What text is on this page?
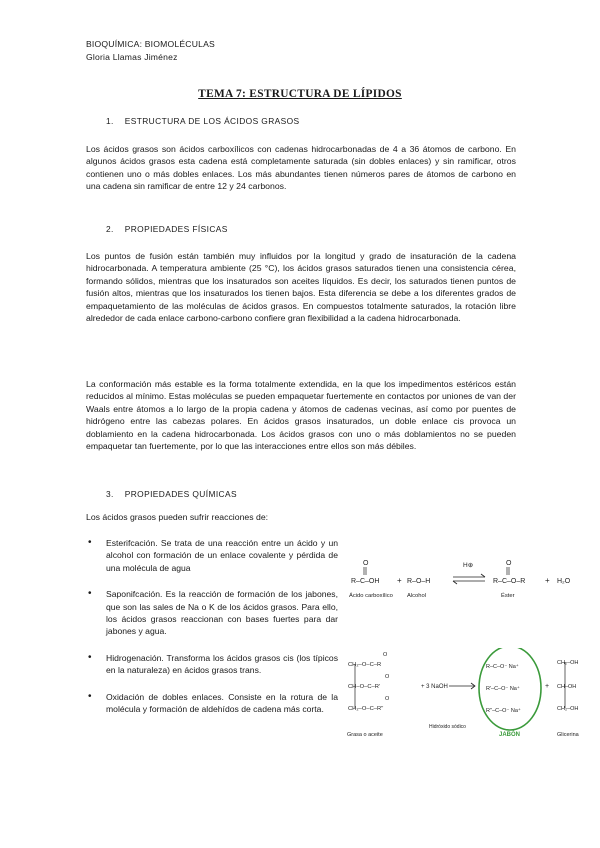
BIOQUÍMICA: BIOMOLÉCULAS
Gloria Llamas Jiménez
TEMA 7: ESTRUCTURA DE LÍPIDOS
1. ESTRUCTURA DE LOS ÁCIDOS GRASOS

Los ácidos grasos son ácidos carboxílicos con cadenas hidrocarbonadas de 4 a 36 átomos de carbono. En algunos ácidos grasos esta cadena está completamente saturada (sin dobles enlaces) y sin ramificar, otros contienen uno o más dobles enlaces. Los más abundantes tienen números pares de átomos de carbono en una cadena sin ramificar de entre 12 y 24 carbonos.

2. PROPIEDADES FÍSICAS

Los puntos de fusión están también muy influidos por la longitud y grado de insaturación de la cadena hidrocarbonada. A temperatura ambiente (25 °C), los ácidos grasos saturados tienen una consistencia cérea, formando sólidos, mientras que los insaturados son aceites líquidos. Es decir, los saturados tienen puntos de fusión altos, mientras que los insaturados los tienen bajos. Esta diferencia se debe a los diferentes grados de empaquetamiento de las moléculas de ácidos grasos. En compuestos totalmente saturados, la rotación libre alrededor de cada enlace carbono-carbono confiere gran flexibilidad a la cadena hidrocarbonada.

La conformación más estable es la forma totalmente extendida, en la que los impedimentos estéricos están reducidos al mínimo. Estas moléculas se pueden empaquetar fuertemente en contactos por uniones de van der Waals entre átomos a lo largo de la propia cadena y átomos de cadenas vecinas, así como por puentes de hidrógeno entre las cabezas polares. En ácidos grasos insaturados, un doble enlace cis provoca un doblamiento en la cadena hidrocarbonada. Los ácidos grasos con uno o más doblamientos no se pueden empaquetar tan fuertemente, por lo que las interacciones entre ellos son más débiles.

3. PROPIEDADES QUÍMICAS

Los ácidos grasos pueden sufrir reacciones de:

• Esterifcación. Se trata de una reacción entre un ácido y un alcohol con formación de un enlace covalente y pérdida de una molécula de agua
• Saponifcación. Es la reacción de formación de los jabones, que son las sales de Na o K de los ácidos grasos. Para ello, los ácidos grasos reaccionan con bases fuertes para dar jabones y agua.
• Hidrogenación. Transforma los ácidos grasos cis (los típicos en la naturaleza) en ácidos grasos trans.
• Oxidación de dobles enlaces. Consiste en la rotura de la molécula y formación de aldehídos de cadena más corta.
O
R–C–OH + R–O–H
H⊕	O
R–C–O–R + H₂O
Ácido carboxílico Alcohol	Éster
CH₂–O–C–R
CH–O–C–R'
CH₂–O–C–R''
O
O
O
+ 3 NaOH
R–C–O⁻ Na⁺
R'–C–O⁻ Na⁺
R''–C–O⁻ Na⁺
+
CH₂–OH
CH–OH
CH₂–OH
Grasa o aceite
Hidróxido sódico
JABÓN	Glicerina
